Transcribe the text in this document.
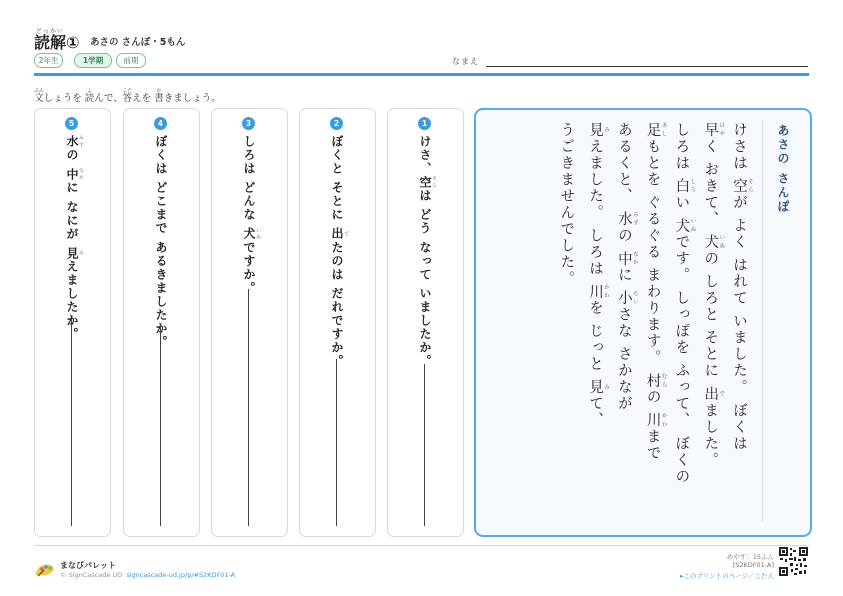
どっかい
読解① あさの さんぽ・5もん
2年生	1学期	前期	なまえ
文ぶんしょうを 読よんで、答こたえを 書かきましょう。
5
水 みずの 中 なかに なにが 見 みえましたか。
4
ぼくは どこまで あるきましたか。
3
しろは どんな 犬 いぬですか。
2
ぼくと そとに 出 でたのは だれですか。
1
けさ、空 そらは どう なって いましたか。
あさの さんぽ
けさは 空 そらが よく はれて いました。 ぼくは
早 はやく おきて、 犬 いぬの しろと そとに 出 でました。
しろは 白 しろい 犬 いぬです。 しっぽを ふって、 ぼくの
足 あしもとを ぐるぐる まわります。 村 むらの 川 かわまで
あるくと、 水 みずの 中 なかに 小 ちいさな さかなが
見 みえました。 しろは 川 かわを じっと 見 みて、
うごきませんでした。
まなびパレット
© SignCascade UD signcascade-ud.jp/p/#S2KDF01-A
めやす：15ふん
[S2KDF01-A]
▸このプリントのページ／こたえ
